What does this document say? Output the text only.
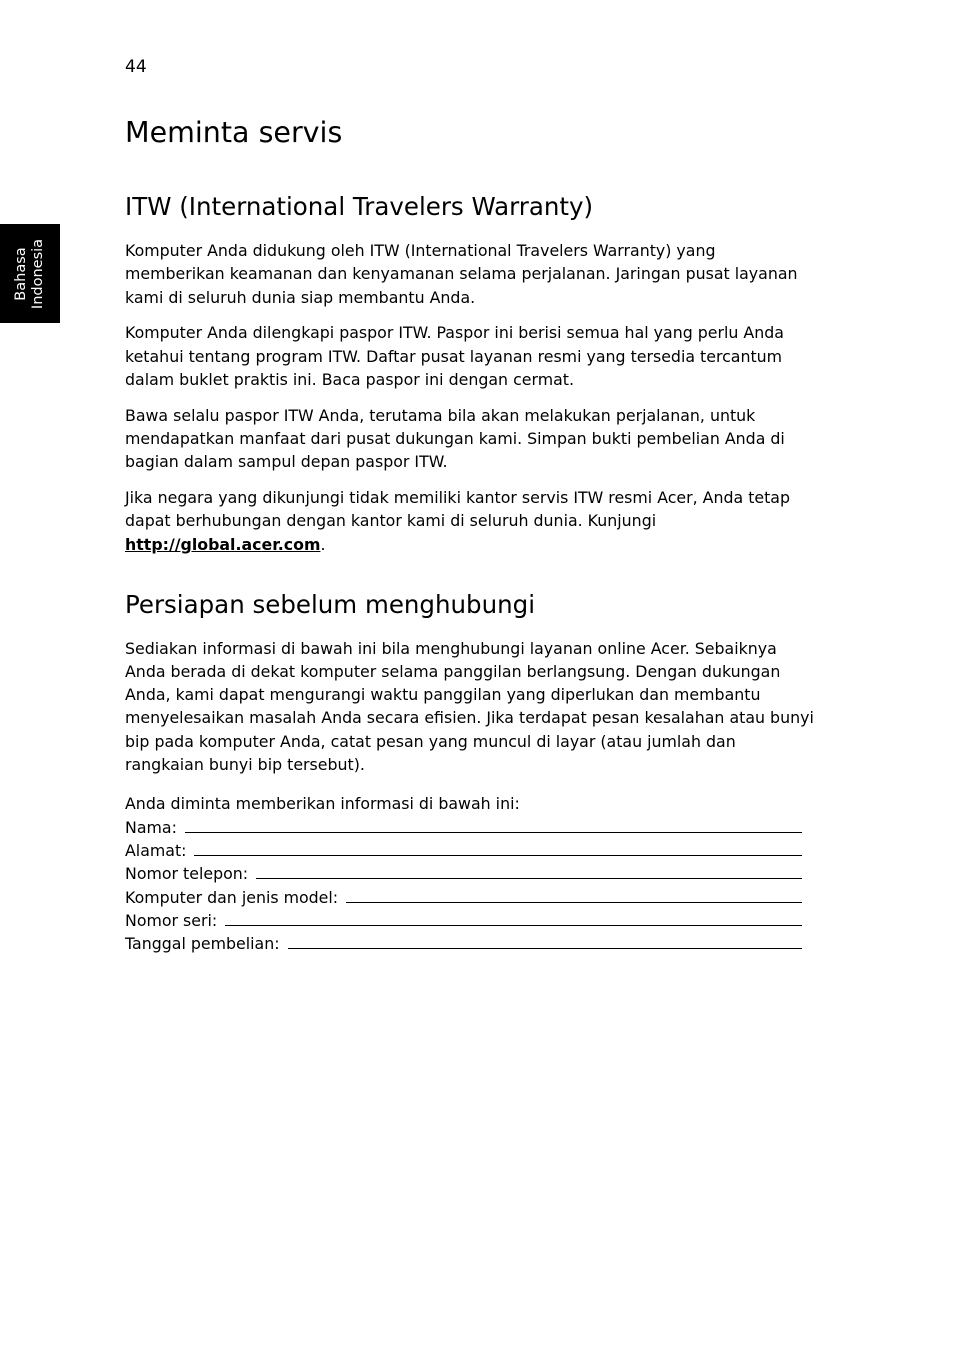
44
Bahasa Indonesia
Meminta servis
ITW (International Travelers Warranty)

Komputer Anda didukung oleh ITW (International Travelers Warranty) yang memberikan keamanan dan kenyamanan selama perjalanan. Jaringan pusat layanan kami di seluruh dunia siap membantu Anda.

Komputer Anda dilengkapi paspor ITW. Paspor ini berisi semua hal yang perlu Anda ketahui tentang program ITW. Daftar pusat layanan resmi yang tersedia tercantum dalam buklet praktis ini. Baca paspor ini dengan cermat.

Bawa selalu paspor ITW Anda, terutama bila akan melakukan perjalanan, untuk mendapatkan manfaat dari pusat dukungan kami. Simpan bukti pembelian Anda di bagian dalam sampul depan paspor ITW.

Jika negara yang dikunjungi tidak memiliki kantor servis ITW resmi Acer, Anda tetap dapat berhubungan dengan kantor kami di seluruh dunia. Kunjungi http://global.acer.com.

Persiapan sebelum menghubungi

Sediakan informasi di bawah ini bila menghubungi layanan online Acer. Sebaiknya Anda berada di dekat komputer selama panggilan berlangsung. Dengan dukungan Anda, kami dapat mengurangi waktu panggilan yang diperlukan dan membantu menyelesaikan masalah Anda secara efisien. Jika terdapat pesan kesalahan atau bunyi bip pada komputer Anda, catat pesan yang muncul di layar (atau jumlah dan rangkaian bunyi bip tersebut).

Anda diminta memberikan informasi di bawah ini:
Nama:
Alamat:
Nomor telepon:
Komputer dan jenis model:
Nomor seri:
Tanggal pembelian:
